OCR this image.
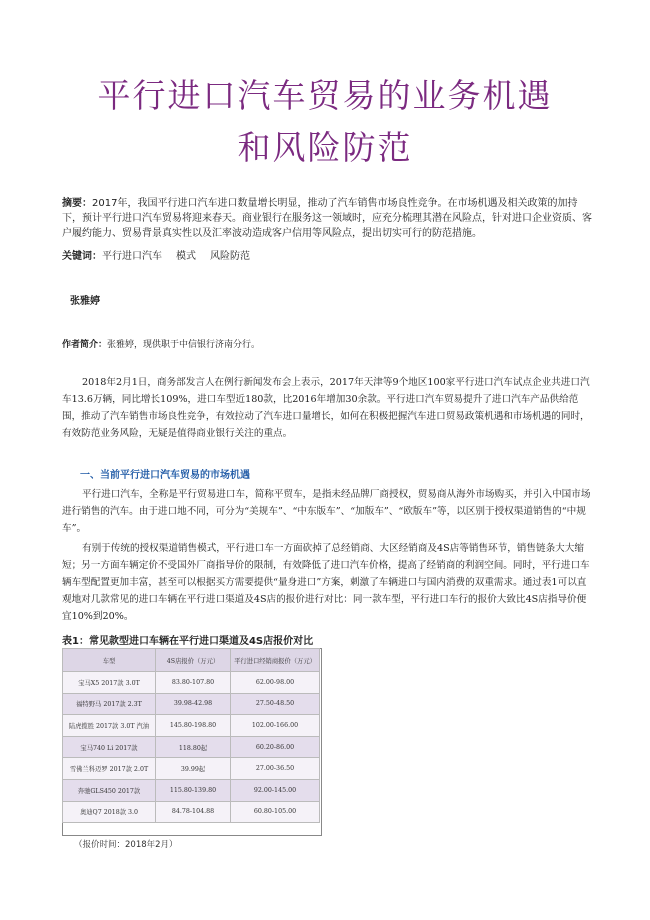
平行进口汽车贸易的业务机遇
和风险防范
摘要：2017年，我国平行进口汽车进口数量增长明显，推动了汽车销售市场良性竞争。在市场机遇及相关政策的加持下，预计平行进口汽车贸易将迎来春天。商业银行在服务这一领域时，应充分梳理其潜在风险点，针对进口企业资质、客户履约能力、贸易背景真实性以及汇率波动造成客户信用等风险点，提出切实可行的防范措施。
关键词：平行进口汽车 模式 风险防范
张雅婷
作者简介：张雅婷，现供职于中信银行济南分行。
2018年2月1日，商务部发言人在例行新闻发布会上表示，2017年天津等9个地区100家平行进口汽车试点企业共进口汽车13.6万辆，同比增长109%，进口车型近180款，比2016年增加30余款。平行进口汽车贸易提升了进口汽车产品供给范围，推动了汽车销售市场良性竞争，有效拉动了汽车进口量增长，如何在积极把握汽车进口贸易政策机遇和市场机遇的同时，有效防范业务风险，无疑是值得商业银行关注的重点。
一、当前平行进口汽车贸易的市场机遇
平行进口汽车，全称是平行贸易进口车，简称平贸车，是指未经品牌厂商授权，贸易商从海外市场购买，并引入中国市场进行销售的汽车。由于进口地不同，可分为“美规车”、“中东版车”、“加版车”、“欧版车”等，以区别于授权渠道销售的“中规车”。
有别于传统的授权渠道销售模式，平行进口车一方面砍掉了总经销商、大区经销商及4S店等销售环节，销售链条大大缩短；另一方面车辆定价不受国外厂商指导价的限制，有效降低了进口汽车价格，提高了经销商的利润空间。同时，平行进口车辆车型配置更加丰富，甚至可以根据买方需要提供“量身进口”方案，刺激了车辆进口与国内消费的双重需求。通过表1可以直观地对几款常见的进口车辆在平行进口渠道及4S店的报价进行对比：同一款车型，平行进口车行的报价大致比4S店指导价便宜10%到20%。
表1：常见款型进口车辆在平行进口渠道及4S店报价对比
车型	4S店报价（万元）	平行进口经销商报价（万元）
宝马X5 2017款 3.0T	83.80-107.80	62.00-98.00
福特野马 2017款 2.3T	39.98-42.98	27.50-48.50
陆虎揽胜 2017款 3.0T 汽油	145.80-198.80	102.00-166.00
宝马740 Li 2017款	118.80起	60.20-86.00
雪佛兰科迈罗 2017款 2.0T	39.99起	27.00-36.50
奔驰GLS450 2017款	115.80-139.80	92.00-145.00
奥迪Q7 2018款 3.0	84.78-104.88	60.80-105.00
（报价时间：2018年2月）
